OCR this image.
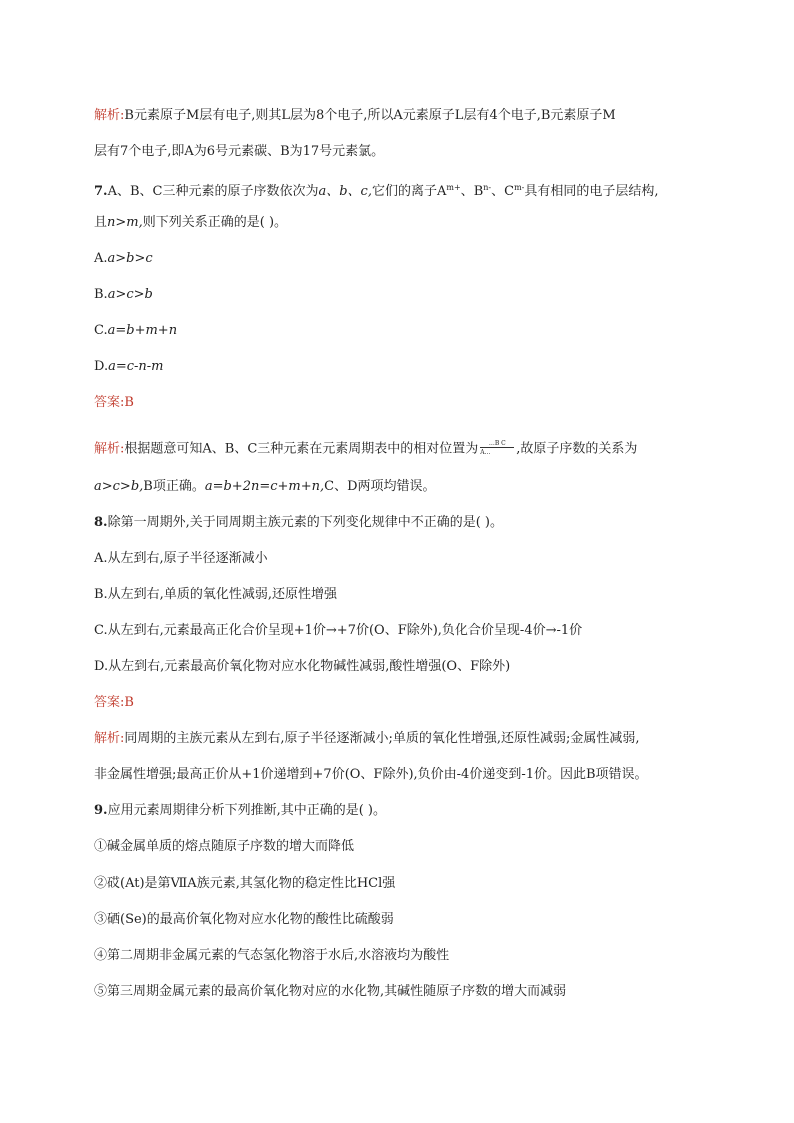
解析:B元素原子M层有电子,则其L层为8个电子,所以A元素原子L层有4个电子,B元素原子M
层有7个电子,即A为6号元素碳、B为17号元素氯。
7.A、B、C三种元素的原子序数依次为a、b、c,它们的离子$A^{m+}$、$B^{n-}$、$C^{m-}$具有相同的电子层结构,
且n>m,则下列关系正确的是( )。
A.a>b>c
B.a>c>b
C.a=b+m+n
D.a=c-n-m
答案:B
解析:根据题意可知A、B、C三种元素在元素周期表中的相对位置为 $\frac{\text{…B C}}{A\dots}$ ,故原子序数的关系为
a>c>b,B项正确。a=b+2n=c+m+n,C、D两项均错误。
8.除第一周期外,关于同周期主族元素的下列变化规律中不正确的是( )。
A.从左到右,原子半径逐渐减小
B.从左到右,单质的氧化性减弱,还原性增强
C.从左到右,元素最高正化合价呈现+1价→+7价(O、F除外),负化合价呈现-4价→-1价
D.从左到右,元素最高价氧化物对应水化物碱性减弱,酸性增强(O、F除外)
答案:B
解析:同周期的主族元素从左到右,原子半径逐渐减小;单质的氧化性增强,还原性减弱;金属性减弱,
非金属性增强;最高正价从+1价递增到+7价(O、F除外),负价由-4价递变到-1价。因此B项错误。
9.应用元素周期律分析下列推断,其中正确的是( )。
①碱金属单质的熔点随原子序数的增大而降低
②砹(At)是第ⅦA族元素,其氢化物的稳定性比HCl强
③硒(Se)的最高价氧化物对应水化物的酸性比硫酸弱
④第二周期非金属元素的气态氢化物溶于水后,水溶液均为酸性
⑤第三周期金属元素的最高价氧化物对应的水化物,其碱性随原子序数的增大而减弱
